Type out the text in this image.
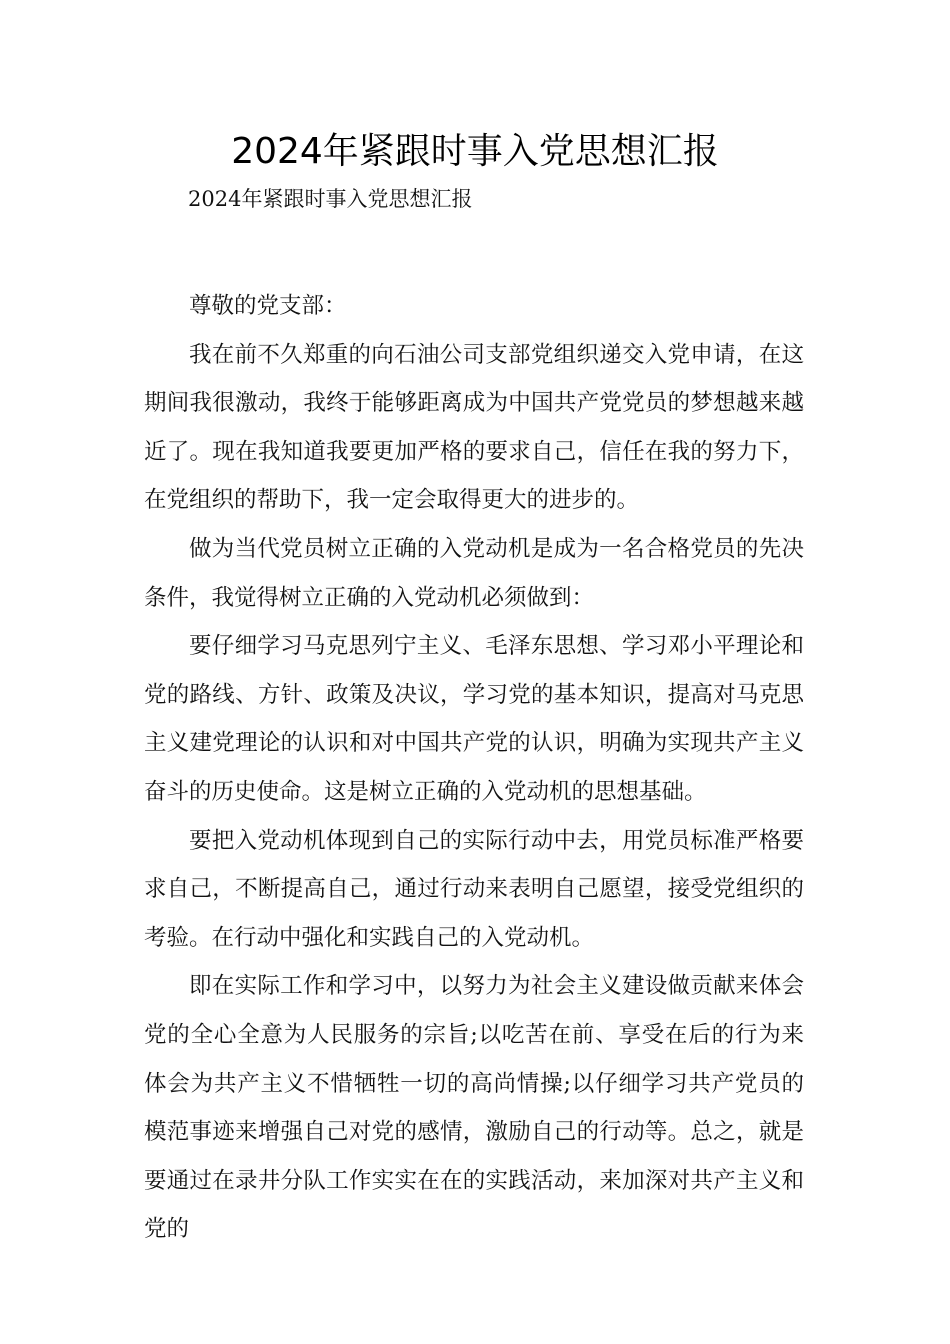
2024年紧跟时事入党思想汇报
2024年紧跟时事入党思想汇报

尊敬的党支部：

我在前不久郑重的向石油公司支部党组织递交入党申请，在这期间我很激动，我终于能够距离成为中国共产党党员的梦想越来越近了。现在我知道我要更加严格的要求自己，信任在我的努力下，在党组织的帮助下，我一定会取得更大的进步的。

做为当代党员树立正确的入党动机是成为一名合格党员的先决条件，我觉得树立正确的入党动机必须做到：

要仔细学习马克思列宁主义、毛泽东思想、学习邓小平理论和党的路线、方针、政策及决议，学习党的基本知识，提高对马克思主义建党理论的认识和对中国共产党的认识，明确为实现共产主义奋斗的历史使命。这是树立正确的入党动机的思想基础。

要把入党动机体现到自己的实际行动中去，用党员标准严格要求自己，不断提高自己，通过行动来表明自己愿望，接受党组织的考验。在行动中强化和实践自己的入党动机。

即在实际工作和学习中，以努力为社会主义建设做贡献来体会党的全心全意为人民服务的宗旨;以吃苦在前、享受在后的行为来体会为共产主义不惜牺牲一切的高尚情操;以仔细学习共产党员的模范事迹来增强自己对党的感情，激励自己的行动等。总之，就是要通过在录井分队工作实实在在的实践活动，来加深对共产主义和党的
